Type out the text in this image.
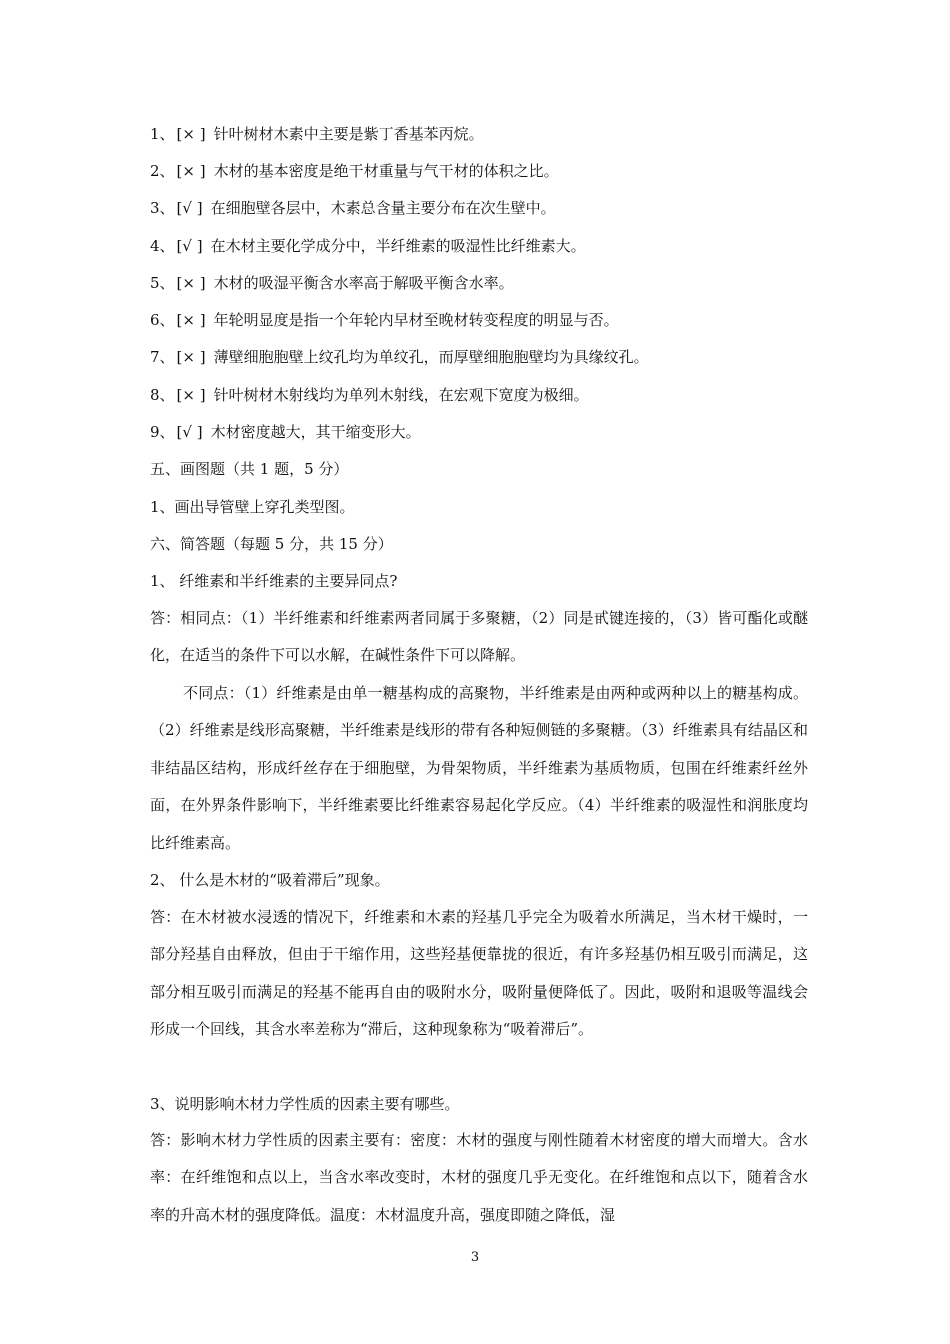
1、 [× ] 针叶树材木素中主要是紫丁香基苯丙烷。
2、 [× ] 木材的基本密度是绝干材重量与气干材的体积之比。
3、 [√ ] 在细胞壁各层中，木素总含量主要分布在次生壁中。
4、 [√ ] 在木材主要化学成分中，半纤维素的吸湿性比纤维素大。
5、 [× ] 木材的吸湿平衡含水率高于解吸平衡含水率。
6、 [× ] 年轮明显度是指一个年轮内早材至晚材转变程度的明显与否。
7、 [× ] 薄壁细胞胞壁上纹孔均为单纹孔，而厚壁细胞胞壁均为具缘纹孔。
8、 [× ] 针叶树材木射线均为单列木射线，在宏观下宽度为极细。
9、 [√ ] 木材密度越大，其干缩变形大。
五、画图题（共 1 题，5 分）
1、画出导管壁上穿孔类型图。
六、简答题（每题 5 分，共 15 分）
1、 纤维素和半纤维素的主要异同点?
答：相同点：（1）半纤维素和纤维素两者同属于多聚糖，（2）同是甙键连接的，（3）皆可酯化或醚化，在适当的条件下可以水解，在碱性条件下可以降解。
不同点：（1）纤维素是由单一糖基构成的高聚物，半纤维素是由两种或两种以上的糖基构成。（2）纤维素是线形高聚糖，半纤维素是线形的带有各种短侧链的多聚糖。（3）纤维素具有结晶区和非结晶区结构，形成纤丝存在于细胞壁，为骨架物质，半纤维素为基质物质，包围在纤维素纤丝外面，在外界条件影响下，半纤维素要比纤维素容易起化学反应。（4）半纤维素的吸湿性和润胀度均比纤维素高。
2、 什么是木材的“吸着滞后”现象。
答：在木材被水浸透的情况下，纤维素和木素的羟基几乎完全为吸着水所满足，当木材干燥时，一部分羟基自由释放，但由于干缩作用，这些羟基便靠拢的很近，有许多羟基仍相互吸引而满足，这部分相互吸引而满足的羟基不能再自由的吸附水分，吸附量便降低了。因此，吸附和退吸等温线会形成一个回线，其含水率差称为“滞后，这种现象称为“吸着滞后”。
3、说明影响木材力学性质的因素主要有哪些。
答：影响木材力学性质的因素主要有：密度：木材的强度与刚性随着木材密度的增大而增大。含水率：在纤维饱和点以上，当含水率改变时，木材的强度几乎无变化。在纤维饱和点以下，随着含水率的升高木材的强度降低。温度：木材温度升高，强度即随之降低，湿
3
